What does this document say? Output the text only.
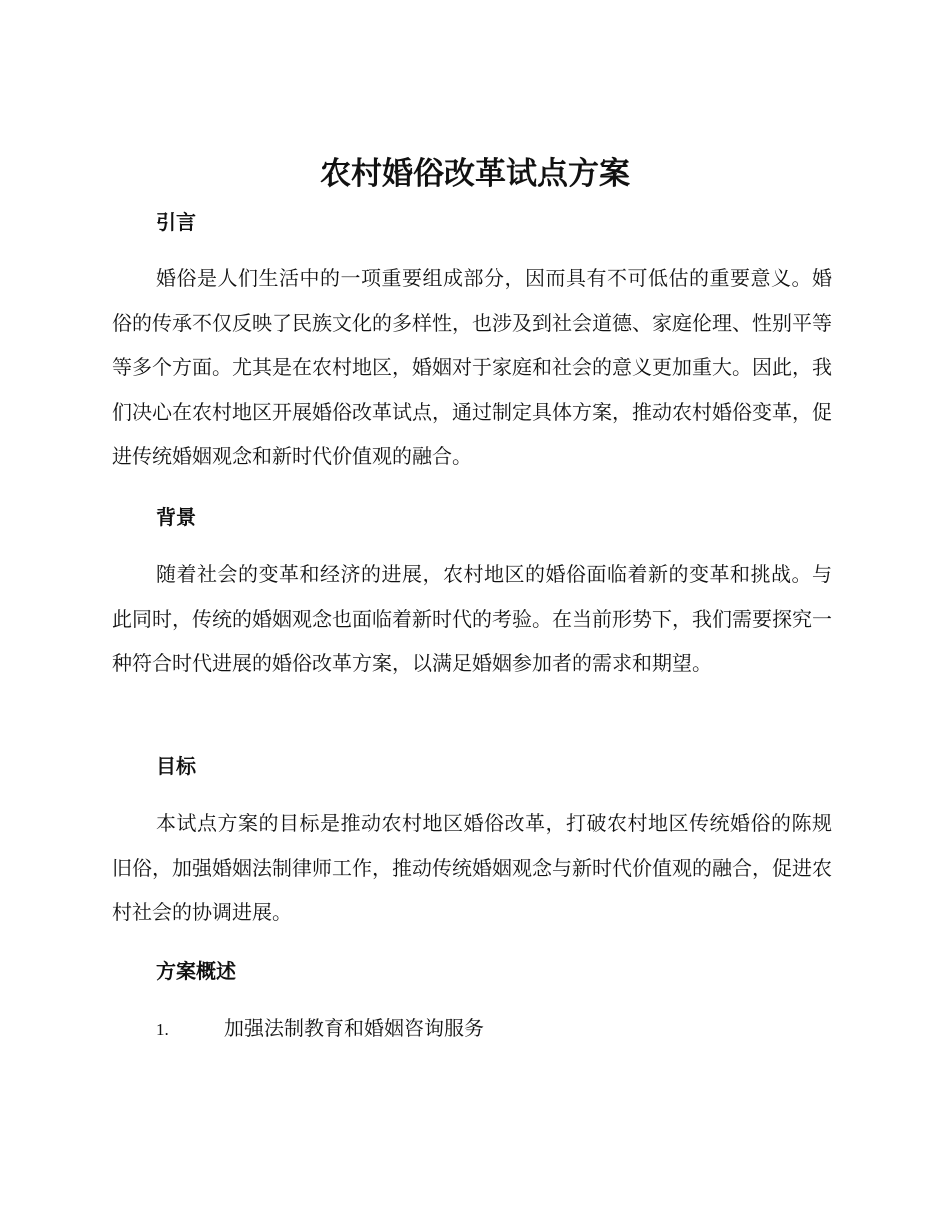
农村婚俗改革试点方案
引言

婚俗是人们生活中的一项重要组成部分，因而具有不可低估的重要意义。婚俗的传承不仅反映了民族文化的多样性，也涉及到社会道德、家庭伦理、性别平等等多个方面。尤其是在农村地区，婚姻对于家庭和社会的意义更加重大。因此，我们决心在农村地区开展婚俗改革试点，通过制定具体方案，推动农村婚俗变革，促进传统婚姻观念和新时代价值观的融合。

背景

随着社会的变革和经济的进展，农村地区的婚俗面临着新的变革和挑战。与此同时，传统的婚姻观念也面临着新时代的考验。在当前形势下，我们需要探究一种符合时代进展的婚俗改革方案，以满足婚姻参加者的需求和期望。

目标

本试点方案的目标是推动农村地区婚俗改革，打破农村地区传统婚俗的陈规旧俗，加强婚姻法制律师工作，推动传统婚姻观念与新时代价值观的融合，促进农村社会的协调进展。

方案概述
1.	加强法制教育和婚姻咨询服务
